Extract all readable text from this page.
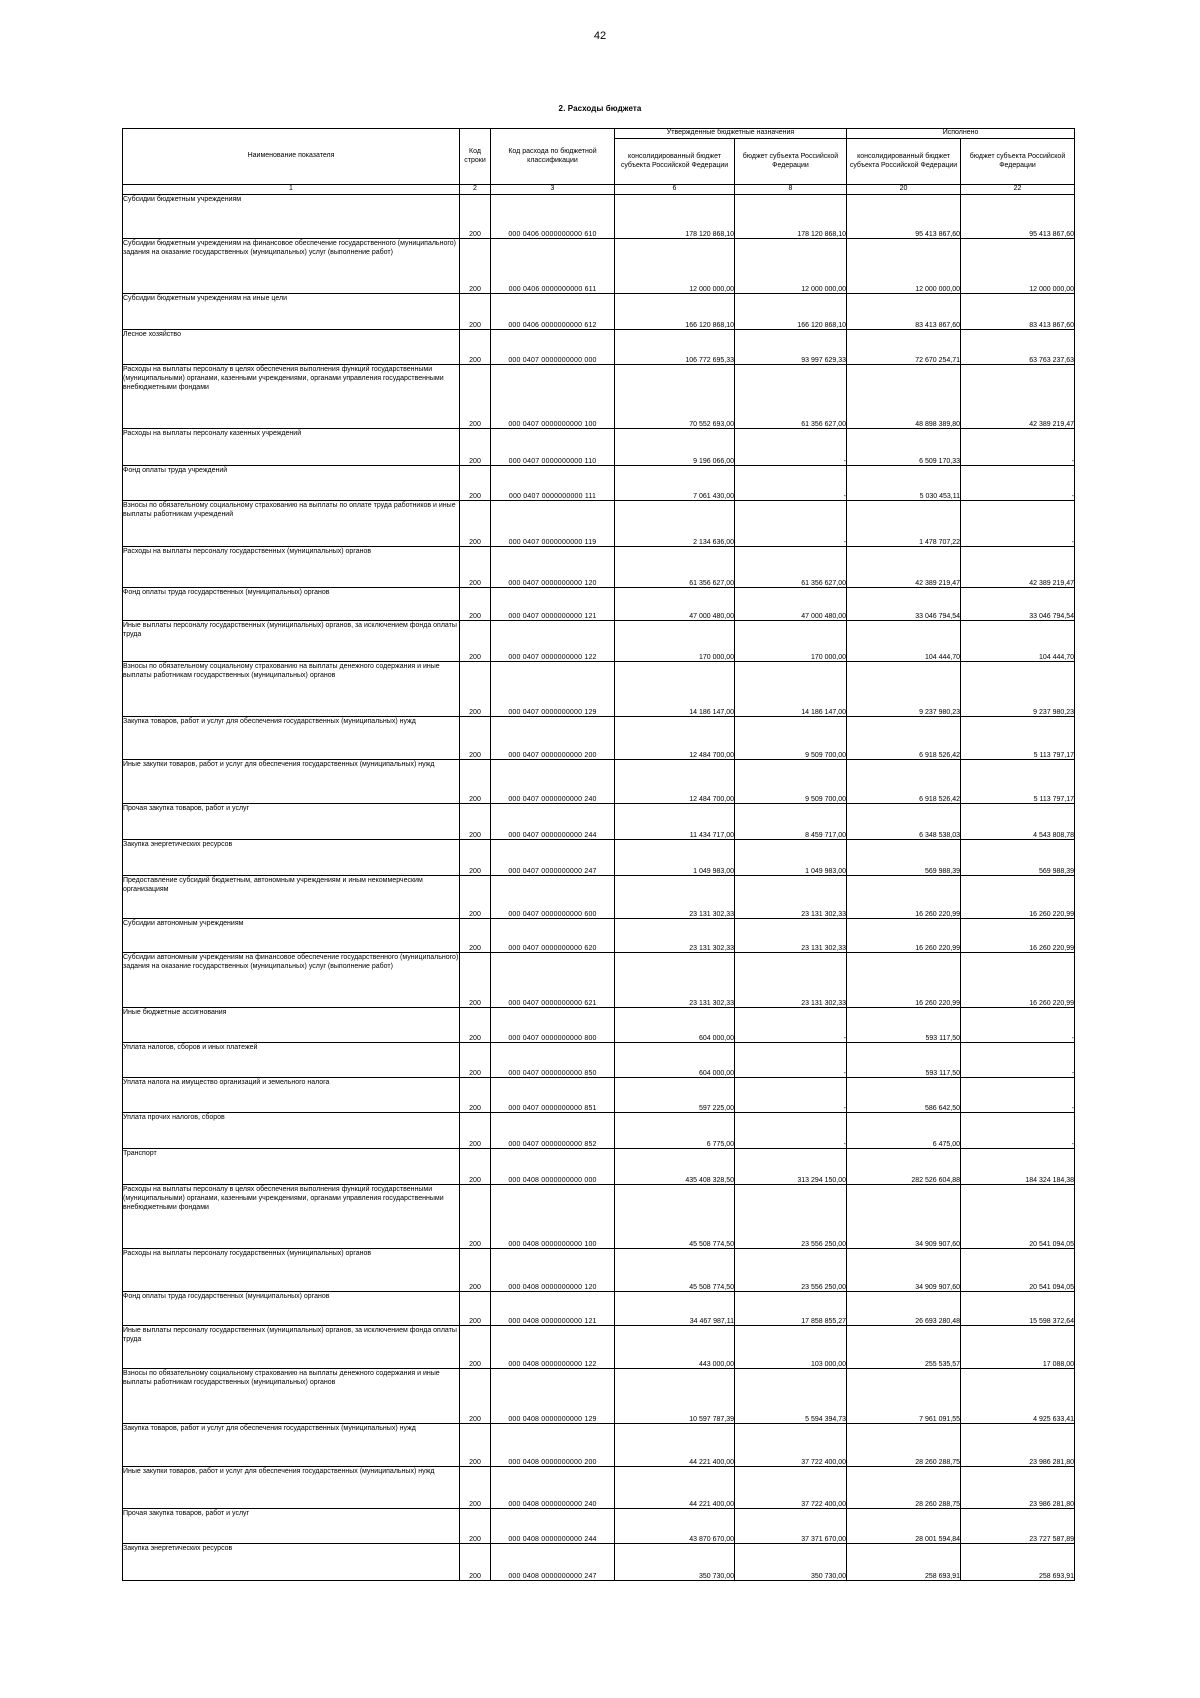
42
2. Расходы бюджета
Наименование показателя	Код строки	Код расхода по бюджетной классификации	Утвержденные бюджетные назначения		Исполнено	
			консолидированный бюджет субъекта Российской Федерации	бюджет субъекта Российской Федерации	консолидированный бюджет субъекта Российской Федерации	бюджет субъекта Российской Федерации
1	2	3	6	8	20	22
Субсидии бюджетным учреждениям	200	000 0406 0000000000 610	178 120 868,10	178 120 868,10	95 413 867,60	95 413 867,60
Субсидии бюджетным учреждениям на финансовое обеспечение государственного (муниципального) задания на оказание государственных (муниципальных) услуг (выполнение работ)	200	000 0406 0000000000 611	12 000 000,00	12 000 000,00	12 000 000,00	12 000 000,00
Субсидии бюджетным учреждениям на иные цели	200	000 0406 0000000000 612	166 120 868,10	166 120 868,10	83 413 867,60	83 413 867,60
Лесное хозяйство	200	000 0407 0000000000 000	106 772 695,33	93 997 629,33	72 670 254,71	63 763 237,63
Расходы на выплаты персоналу в целях обеспечения выполнения функций государственными (муниципальными) органами, казенными учреждениями, органами управления государственными внебюджетными фондами	200	000 0407 0000000000 100	70 552 693,00	61 356 627,00	48 898 389,80	42 389 219,47
Расходы на выплаты персоналу казенных учреждений	200	000 0407 0000000000 110	9 196 066,00	-	6 509 170,33	-
Фонд оплаты труда учреждений	200	000 0407 0000000000 111	7 061 430,00	-	5 030 453,11	-
Взносы по обязательному социальному страхованию на выплаты по оплате труда работников и иные выплаты работникам учреждений	200	000 0407 0000000000 119	2 134 636,00	-	1 478 707,22	-
Расходы на выплаты персоналу государственных (муниципальных) органов	200	000 0407 0000000000 120	61 356 627,00	61 356 627,00	42 389 219,47	42 389 219,47
Фонд оплаты труда государственных (муниципальных) органов	200	000 0407 0000000000 121	47 000 480,00	47 000 480,00	33 046 794,54	33 046 794,54
Иные выплаты персоналу государственных (муниципальных) органов, за исключением фонда оплаты труда	200	000 0407 0000000000 122	170 000,00	170 000,00	104 444,70	104 444,70
Взносы по обязательному социальному страхованию на выплаты денежного содержания и иные выплаты работникам государственных (муниципальных) органов	200	000 0407 0000000000 129	14 186 147,00	14 186 147,00	9 237 980,23	9 237 980,23
Закупка товаров, работ и услуг для обеспечения государственных (муниципальных) нужд	200	000 0407 0000000000 200	12 484 700,00	9 509 700,00	6 918 526,42	5 113 797,17
Иные закупки товаров, работ и услуг для обеспечения государственных (муниципальных) нужд	200	000 0407 0000000000 240	12 484 700,00	9 509 700,00	6 918 526,42	5 113 797,17
Прочая закупка товаров, работ и услуг	200	000 0407 0000000000 244	11 434 717,00	8 459 717,00	6 348 538,03	4 543 808,78
Закупка энергетических ресурсов	200	000 0407 0000000000 247	1 049 983,00	1 049 983,00	569 988,39	569 988,39
Предоставление субсидий бюджетным, автономным учреждениям и иным некоммерческим организациям	200	000 0407 0000000000 600	23 131 302,33	23 131 302,33	16 260 220,99	16 260 220,99
Субсидии автономным учреждениям	200	000 0407 0000000000 620	23 131 302,33	23 131 302,33	16 260 220,99	16 260 220,99
Субсидии автономным учреждениям на финансовое обеспечение государственного (муниципального) задания на оказание государственных (муниципальных) услуг (выполнение работ)	200	000 0407 0000000000 621	23 131 302,33	23 131 302,33	16 260 220,99	16 260 220,99
Иные бюджетные ассигнования	200	000 0407 0000000000 800	604 000,00	-	593 117,50	-
Уплата налогов, сборов и иных платежей	200	000 0407 0000000000 850	604 000,00	-	593 117,50	-
Уплата налога на имущество организаций и земельного налога	200	000 0407 0000000000 851	597 225,00	-	586 642,50	-
Уплата прочих налогов, сборов	200	000 0407 0000000000 852	6 775,00	-	6 475,00	-
Транспорт	200	000 0408 0000000000 000	435 408 328,50	313 294 150,00	282 526 604,88	184 324 184,38
Расходы на выплаты персоналу в целях обеспечения выполнения функций государственными (муниципальными) органами, казенными учреждениями, органами управления государственными внебюджетными фондами	200	000 0408 0000000000 100	45 508 774,50	23 556 250,00	34 909 907,60	20 541 094,05
Расходы на выплаты персоналу государственных (муниципальных) органов	200	000 0408 0000000000 120	45 508 774,50	23 556 250,00	34 909 907,60	20 541 094,05
Фонд оплаты труда государственных (муниципальных) органов	200	000 0408 0000000000 121	34 467 987,11	17 858 855,27	26 693 280,48	15 598 372,64
Иные выплаты персоналу государственных (муниципальных) органов, за исключением фонда оплаты труда	200	000 0408 0000000000 122	443 000,00	103 000,00	255 535,57	17 088,00
Взносы по обязательному социальному страхованию на выплаты денежного содержания и иные выплаты работникам государственных (муниципальных) органов	200	000 0408 0000000000 129	10 597 787,39	5 594 394,73	7 961 091,55	4 925 633,41
Закупка товаров, работ и услуг для обеспечения государственных (муниципальных) нужд	200	000 0408 0000000000 200	44 221 400,00	37 722 400,00	28 260 288,75	23 986 281,80
Иные закупки товаров, работ и услуг для обеспечения государственных (муниципальных) нужд	200	000 0408 0000000000 240	44 221 400,00	37 722 400,00	28 260 288,75	23 986 281,80
Прочая закупка товаров, работ и услуг	200	000 0408 0000000000 244	43 870 670,00	37 371 670,00	28 001 594,84	23 727 587,89
Закупка энергетических ресурсов	200	000 0408 0000000000 247	350 730,00	350 730,00	258 693,91	258 693,91
